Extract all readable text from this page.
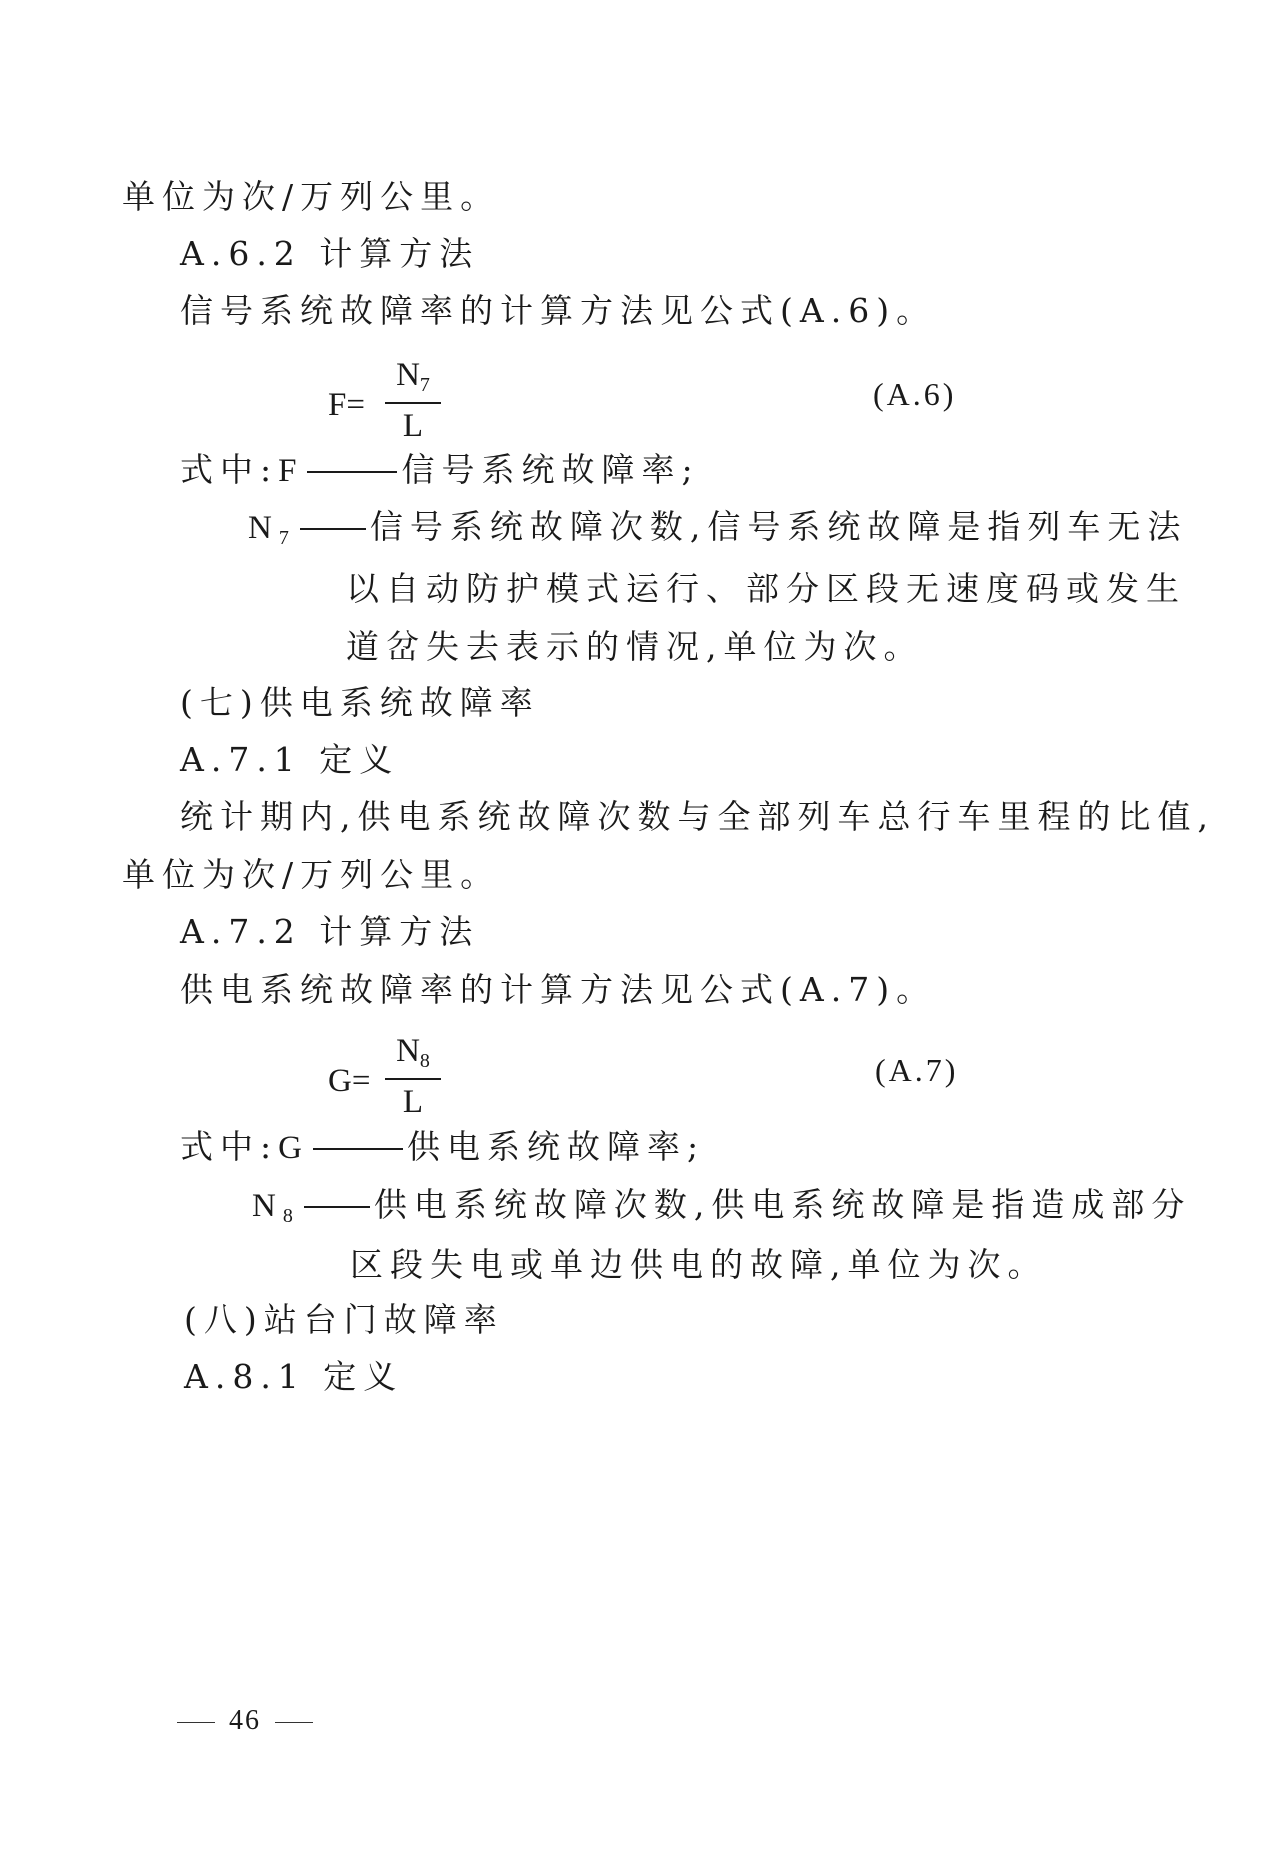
单位为次/万列公里。
A.6.2 计算方法
信号系统故障率的计算方法见公式(A.6)。
F=
$N_7$
L
(A.6)
式中:F	信号系统故障率;
$N_7$ 信号系统故障次数,信号系统故障是指列车无法
以自动防护模式运行、部分区段无速度码或发生
道岔失去表示的情况,单位为次。
(七)供电系统故障率
A.7.1 定义
统计期内,供电系统故障次数与全部列车总行车里程的比值,
单位为次/万列公里。
A.7.2 计算方法
供电系统故障率的计算方法见公式(A.7)。
G=
$N_8$
L
(A.7)
式中:G	供电系统故障率;
$N_8$ 供电系统故障次数,供电系统故障是指造成部分
区段失电或单边供电的故障,单位为次。
(八)站台门故障率
A.8.1 定义
46
